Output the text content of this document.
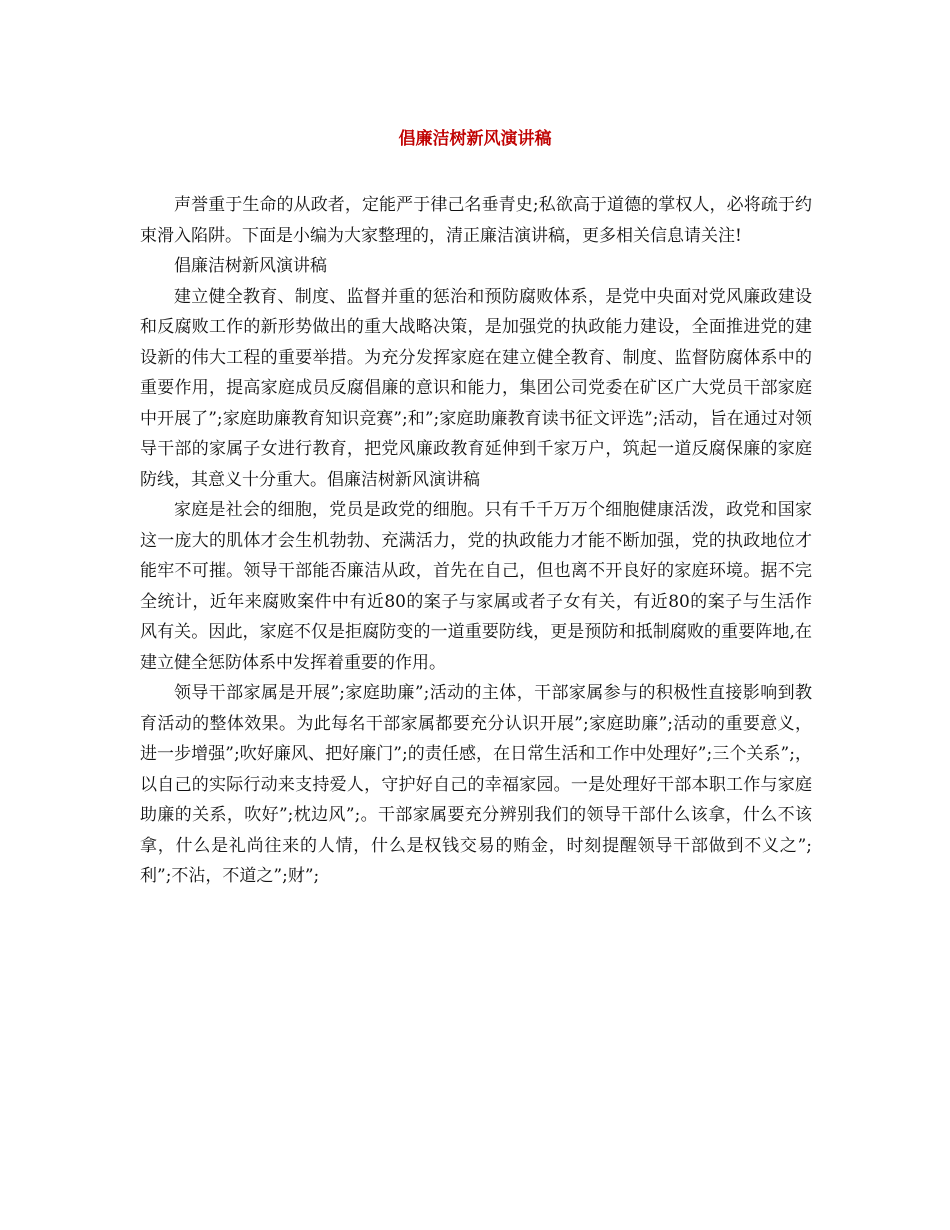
倡廉洁树新风演讲稿

声誉重于生命的从政者，定能严于律己名垂青史;私欲高于道德的掌权人，必将疏于约束滑入陷阱。下面是小编为大家整理的，清正廉洁演讲稿，更多相关信息请关注!

倡廉洁树新风演讲稿

建立健全教育、制度、监督并重的惩治和预防腐败体系，是党中央面对党风廉政建设和反腐败工作的新形势做出的重大战略决策，是加强党的执政能力建设，全面推进党的建设新的伟大工程的重要举措。为充分发挥家庭在建立健全教育、制度、监督防腐体系中的重要作用，提高家庭成员反腐倡廉的意识和能力，集团公司党委在矿区广大党员干部家庭中开展了”;家庭助廉教育知识竞赛”;和”;家庭助廉教育读书征文评选”;活动，旨在通过对领导干部的家属子女进行教育，把党风廉政教育延伸到千家万户，筑起一道反腐保廉的家庭防线，其意义十分重大。倡廉洁树新风演讲稿

家庭是社会的细胞，党员是政党的细胞。只有千千万万个细胞健康活泼，政党和国家这一庞大的肌体才会生机勃勃、充满活力，党的执政能力才能不断加强，党的执政地位才能牢不可摧。领导干部能否廉洁从政，首先在自己，但也离不开良好的家庭环境。据不完全统计，近年来腐败案件中有近80的案子与家属或者子女有关，有近80的案子与生活作风有关。因此，家庭不仅是拒腐防变的一道重要防线，更是预防和抵制腐败的重要阵地,在建立健全惩防体系中发挥着重要的作用。

领导干部家属是开展”;家庭助廉”;活动的主体，干部家属参与的积极性直接影响到教育活动的整体效果。为此每名干部家属都要充分认识开展”;家庭助廉”;活动的重要意义，进一步增强”;吹好廉风、把好廉门”;的责任感，在日常生活和工作中处理好”;三个关系”;，以自己的实际行动来支持爱人，守护好自己的幸福家园。一是处理好干部本职工作与家庭助廉的关系，吹好”;枕边风”;。干部家属要充分辨别我们的领导干部什么该拿，什么不该拿，什么是礼尚往来的人情，什么是权钱交易的贿金，时刻提醒领导干部做到不义之”;利”;不沾，不道之”;财”;
